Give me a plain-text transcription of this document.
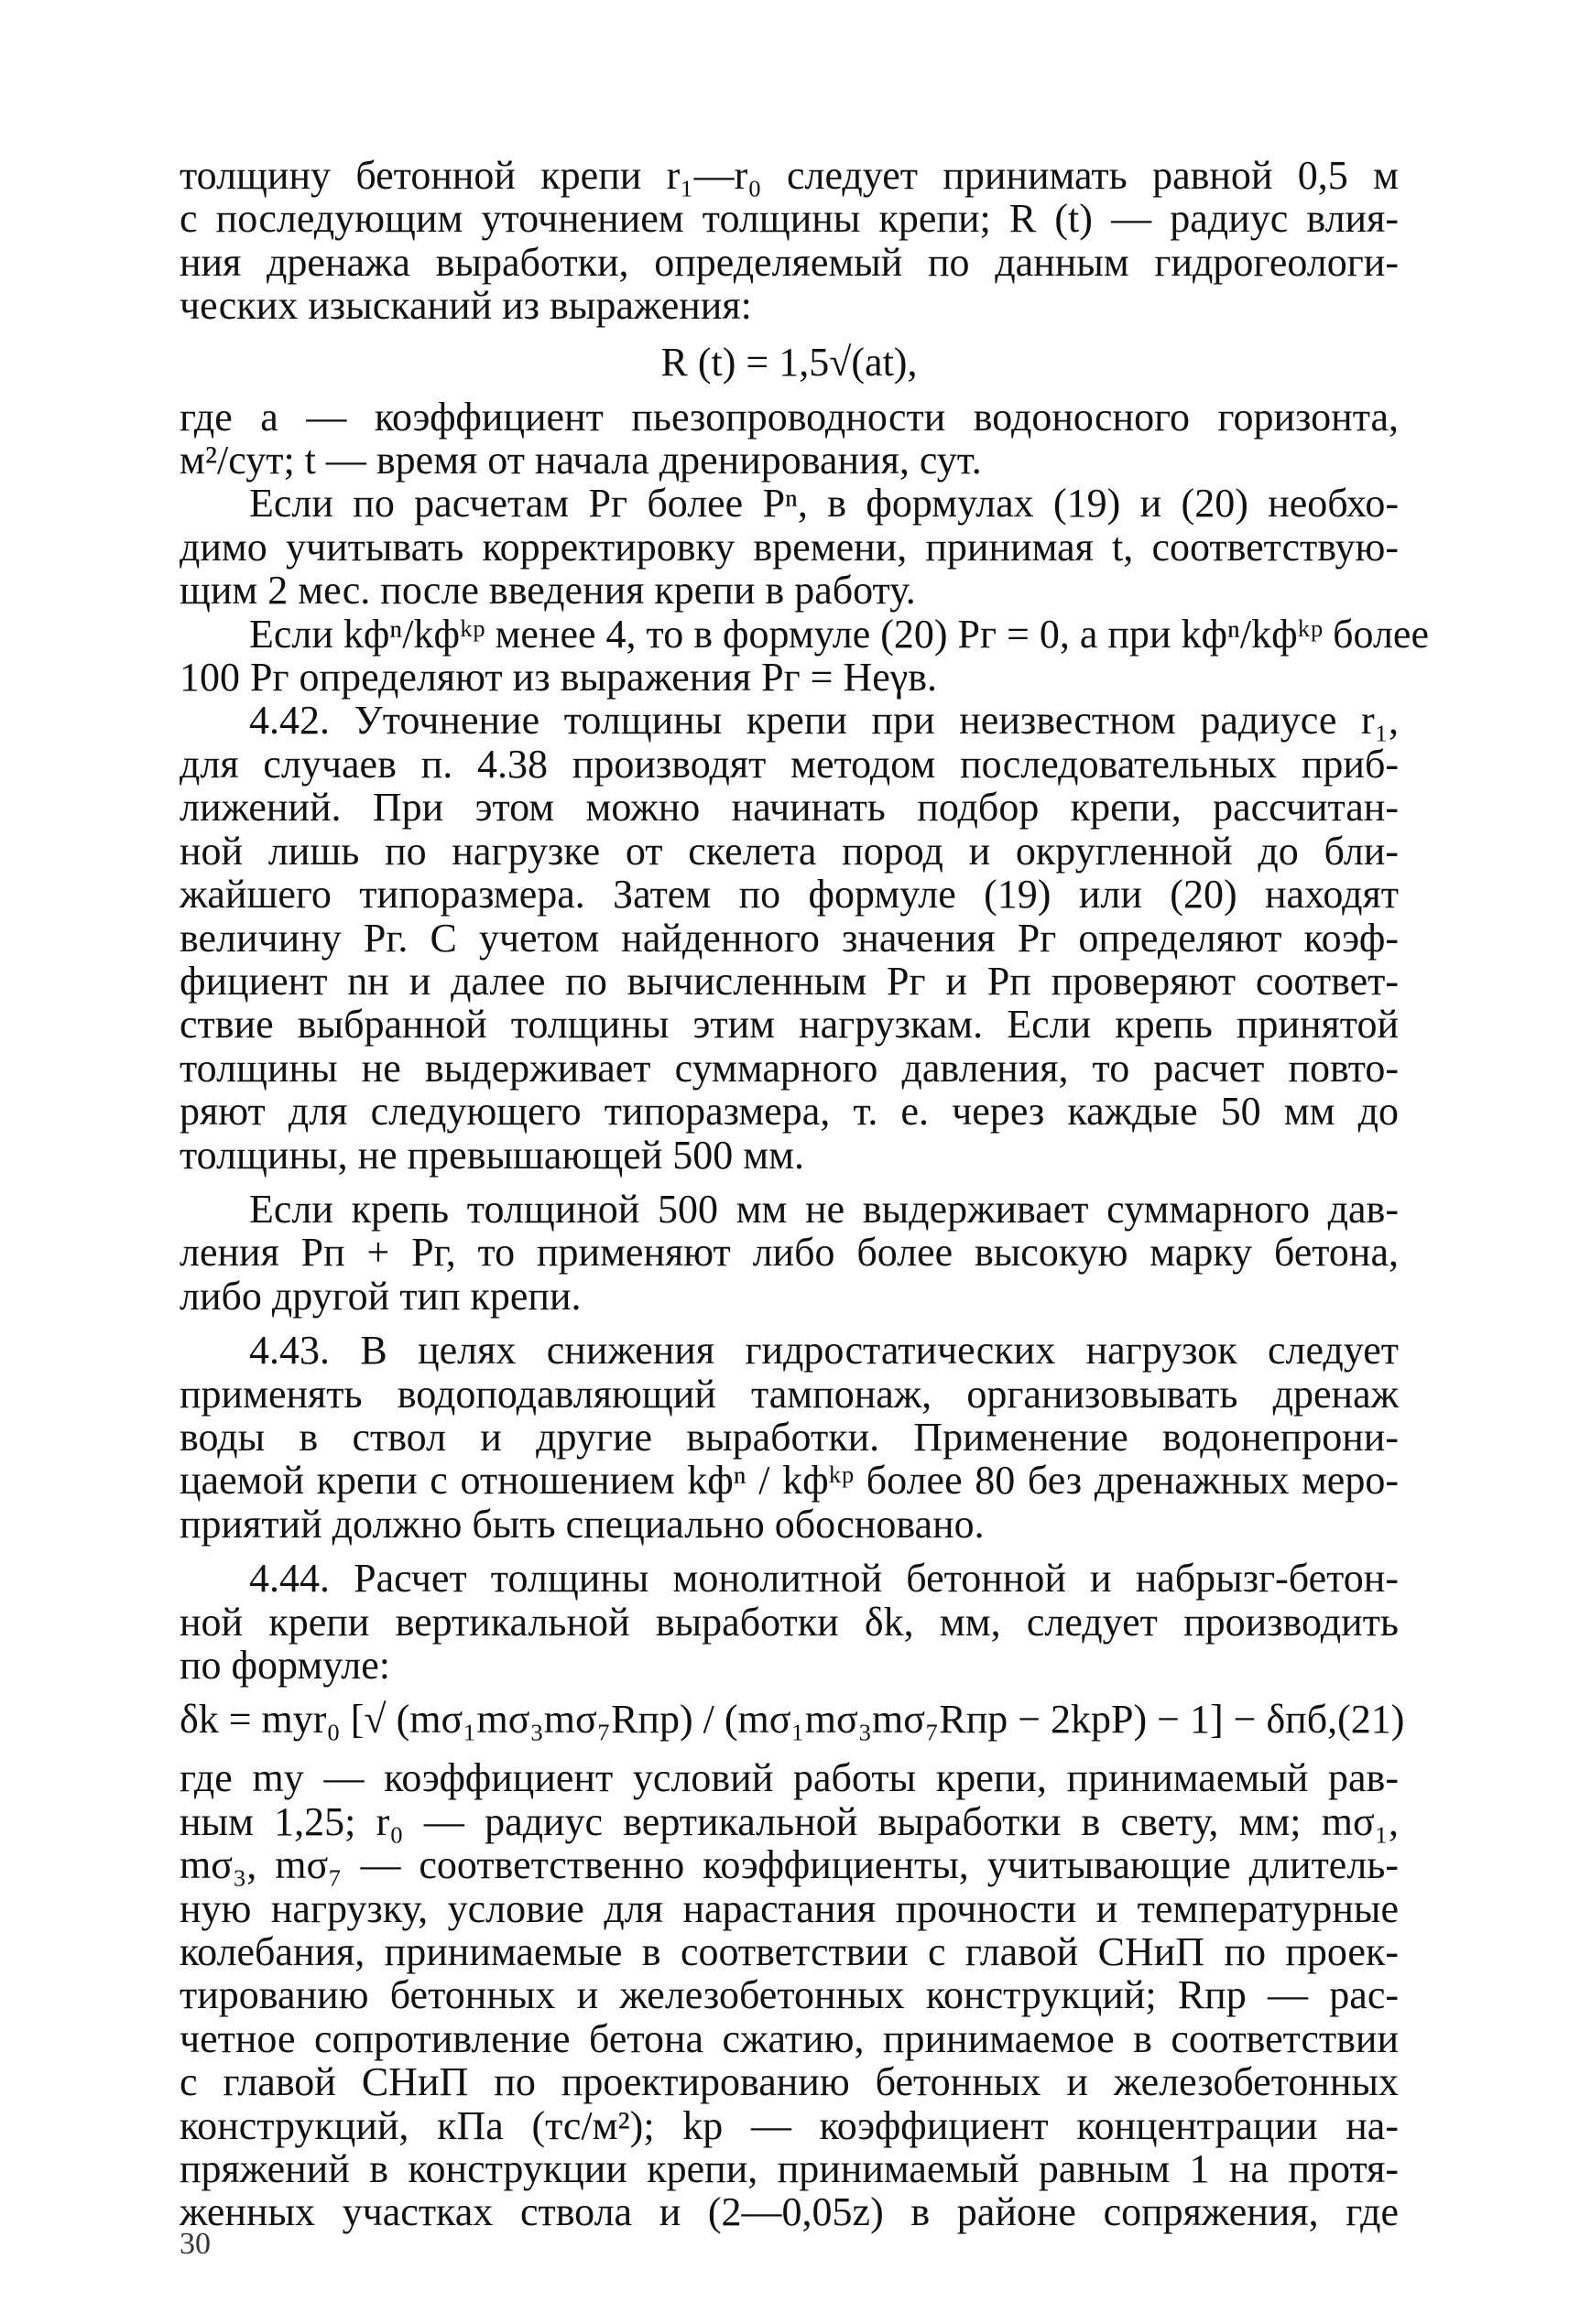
толщину бетонной крепи r₁—r₀ следует принимать равной 0,5 м
с последующим уточнением толщины крепи; R (t) — радиус влия-
ния дренажа выработки, определяемый по данным гидрогеологи-
ческих изысканий из выражения:
R (t) = 1,5√(at),
где a — коэффициент пьезопроводности водоносного горизонта,
м²/сут; t — время от начала дренирования, сут.
Если по расчетам Pг более Pⁿ, в формулах (19) и (20) необхо-
димо учитывать корректировку времени, принимая t, соответствую-
щим 2 мес. после введения крепи в работу.
Если kфⁿ/kфᵏᵖ менее 4, то в формуле (20) Pг = 0, а при kфⁿ/kфᵏᵖ более
100 Pг определяют из выражения Pг = Hеγв.
4.42. Уточнение толщины крепи при неизвестном радиусе r₁,
для случаев п. 4.38 производят методом последовательных приб-
лижений. При этом можно начинать подбор крепи, рассчитан-
ной лишь по нагрузке от скелета пород и округленной до бли-
жайшего типоразмера. Затем по формуле (19) или (20) находят
величину Pг. С учетом найденного значения Pг определяют коэф-
фициент nн и далее по вычисленным Pг и Pп проверяют соответ-
ствие выбранной толщины этим нагрузкам. Если крепь принятой
толщины не выдерживает суммарного давления, то расчет повто-
ряют для следующего типоразмера, т. е. через каждые 50 мм до
толщины, не превышающей 500 мм.
Если крепь толщиной 500 мм не выдерживает суммарного дав-
ления Pп + Pг, то применяют либо более высокую марку бетона,
либо другой тип крепи.
4.43. В целях снижения гидростатических нагрузок следует
применять водоподавляющий тампонаж, организовывать дренаж
воды в ствол и другие выработки. Применение водонепрони-
цаемой крепи с отношением kфⁿ / kфᵏᵖ более 80 без дренажных меро-
приятий должно быть специально обосновано.
4.44. Расчет толщины монолитной бетонной и набрызг-бетон-
ной крепи вертикальной выработки δk, мм, следует производить
по формуле:
δk = mуr₀ [√ (mσ₁mσ₃mσ₇Rпр) / (mσ₁mσ₃mσ₇Rпр − 2kрP) − 1] − δпб, (21)
где mу — коэффициент условий работы крепи, принимаемый рав-
ным 1,25; r₀ — радиус вертикальной выработки в свету, мм; mσ₁,
mσ₃, mσ₇ — соответственно коэффициенты, учитывающие длитель-
ную нагрузку, условие для нарастания прочности и температурные
колебания, принимаемые в соответствии с главой СНиП по проек-
тированию бетонных и железобетонных конструкций; Rпр — рас-
четное сопротивление бетона сжатию, принимаемое в соответствии
с главой СНиП по проектированию бетонных и железобетонных
конструкций, кПа (тс/м²); kр — коэффициент концентрации на-
пряжений в конструкции крепи, принимаемый равным 1 на протя-
женных участках ствола и (2—0,05z) в районе сопряжения, где
30
